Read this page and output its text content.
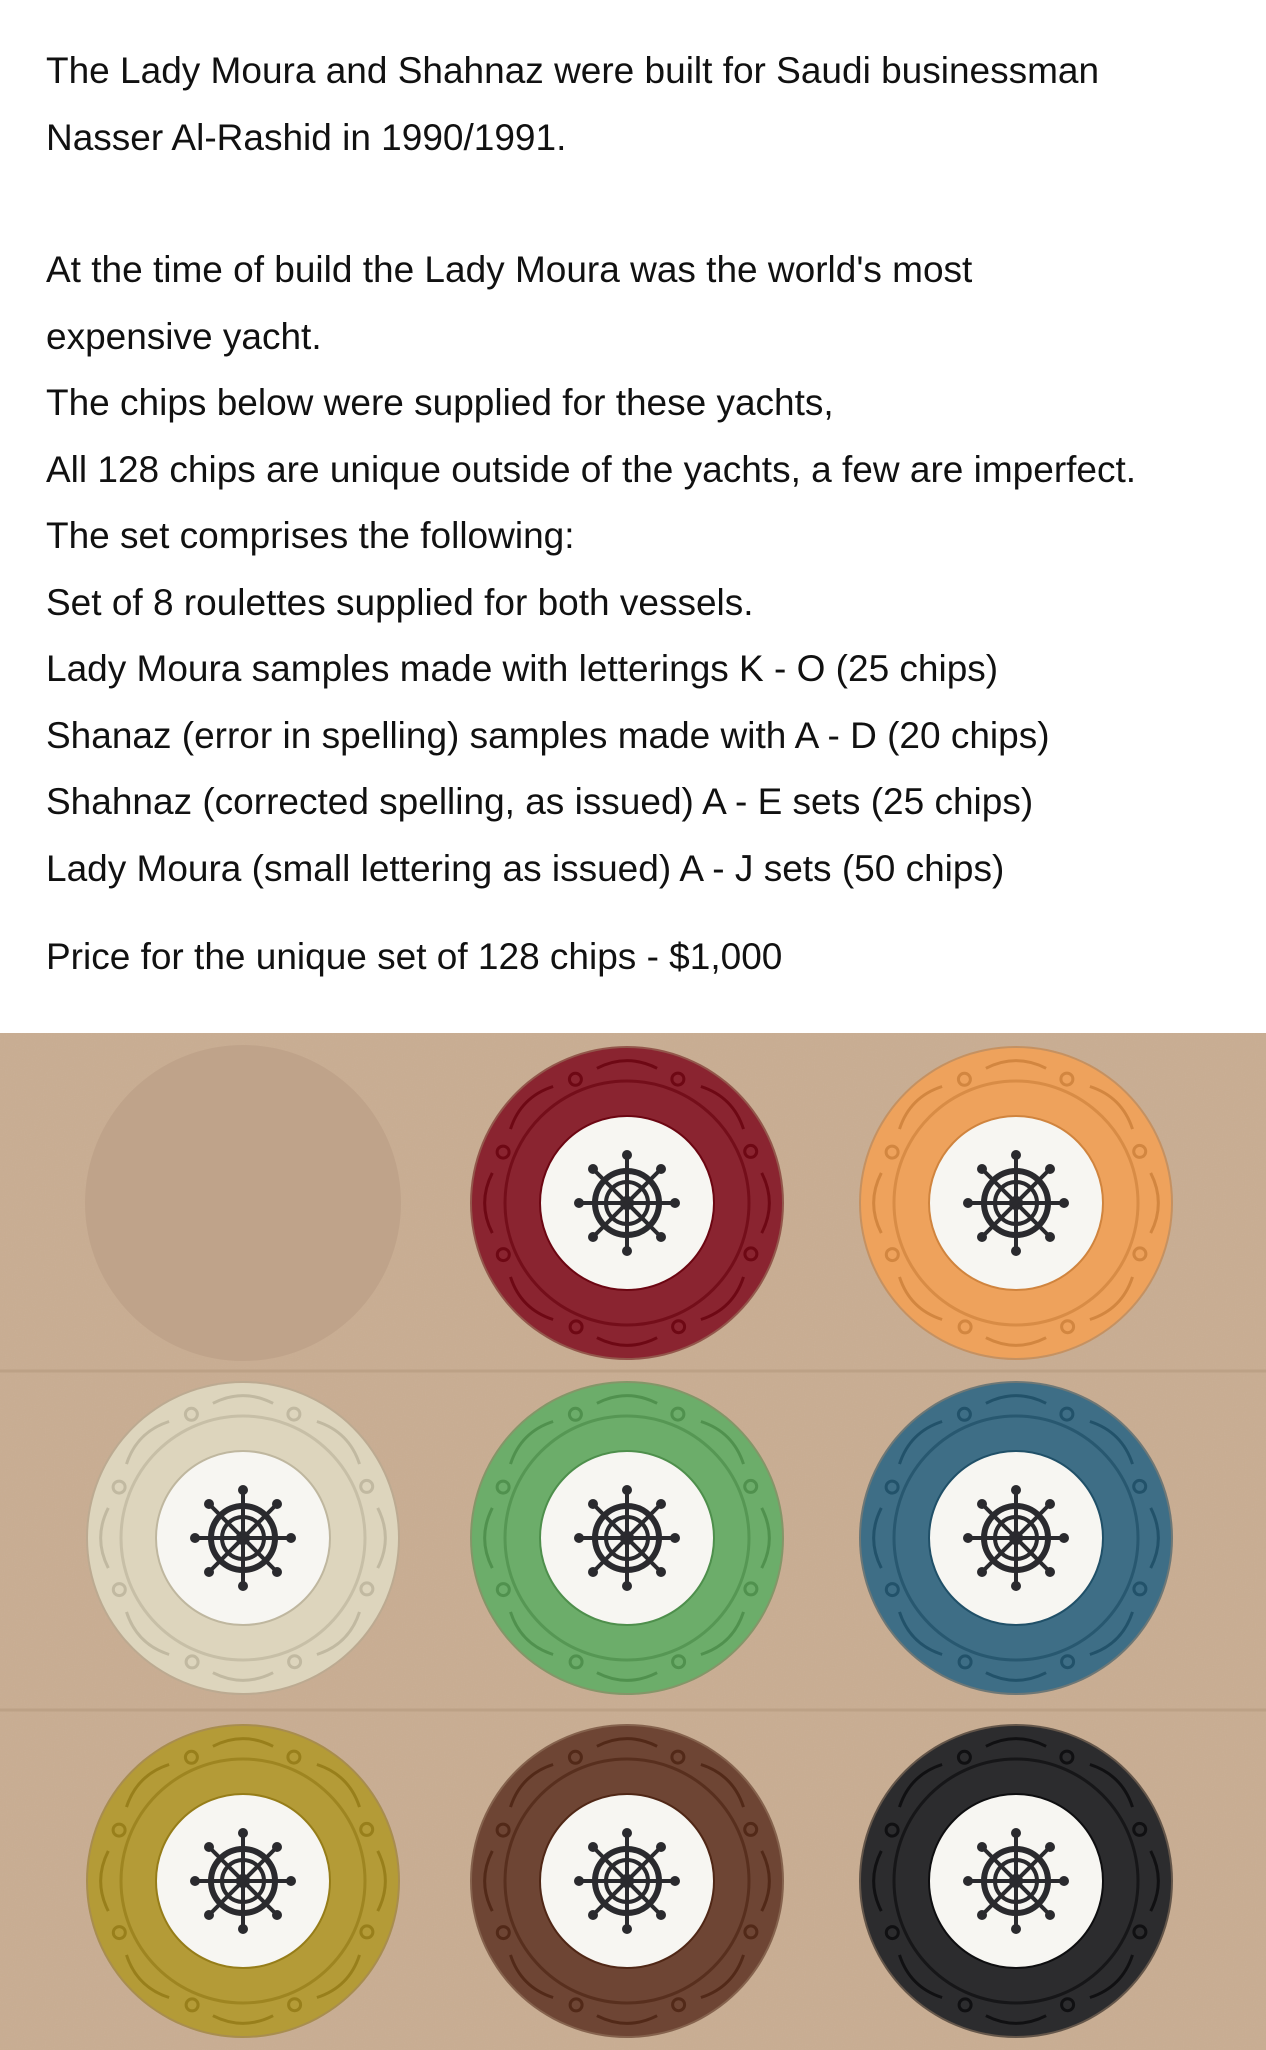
The Lady Moura and Shahnaz were built for Saudi businessman

Nasser Al-Rashid in 1990/1991.

At the time of build the Lady Moura was the world's most

expensive yacht.

The chips below were supplied for these yachts,

All 128 chips are unique outside of the yachts, a few are imperfect.

The set comprises the following:

Set of 8 roulettes supplied for both vessels.

Lady Moura samples made with letterings K - O (25 chips)

Shanaz (error in spelling) samples made with A - D (20 chips)

Shahnaz (corrected spelling, as issued) A - E sets (25 chips)

Lady Moura (small lettering as issued) A - J sets (50 chips)

Price for the unique set of 128 chips - $1,000
